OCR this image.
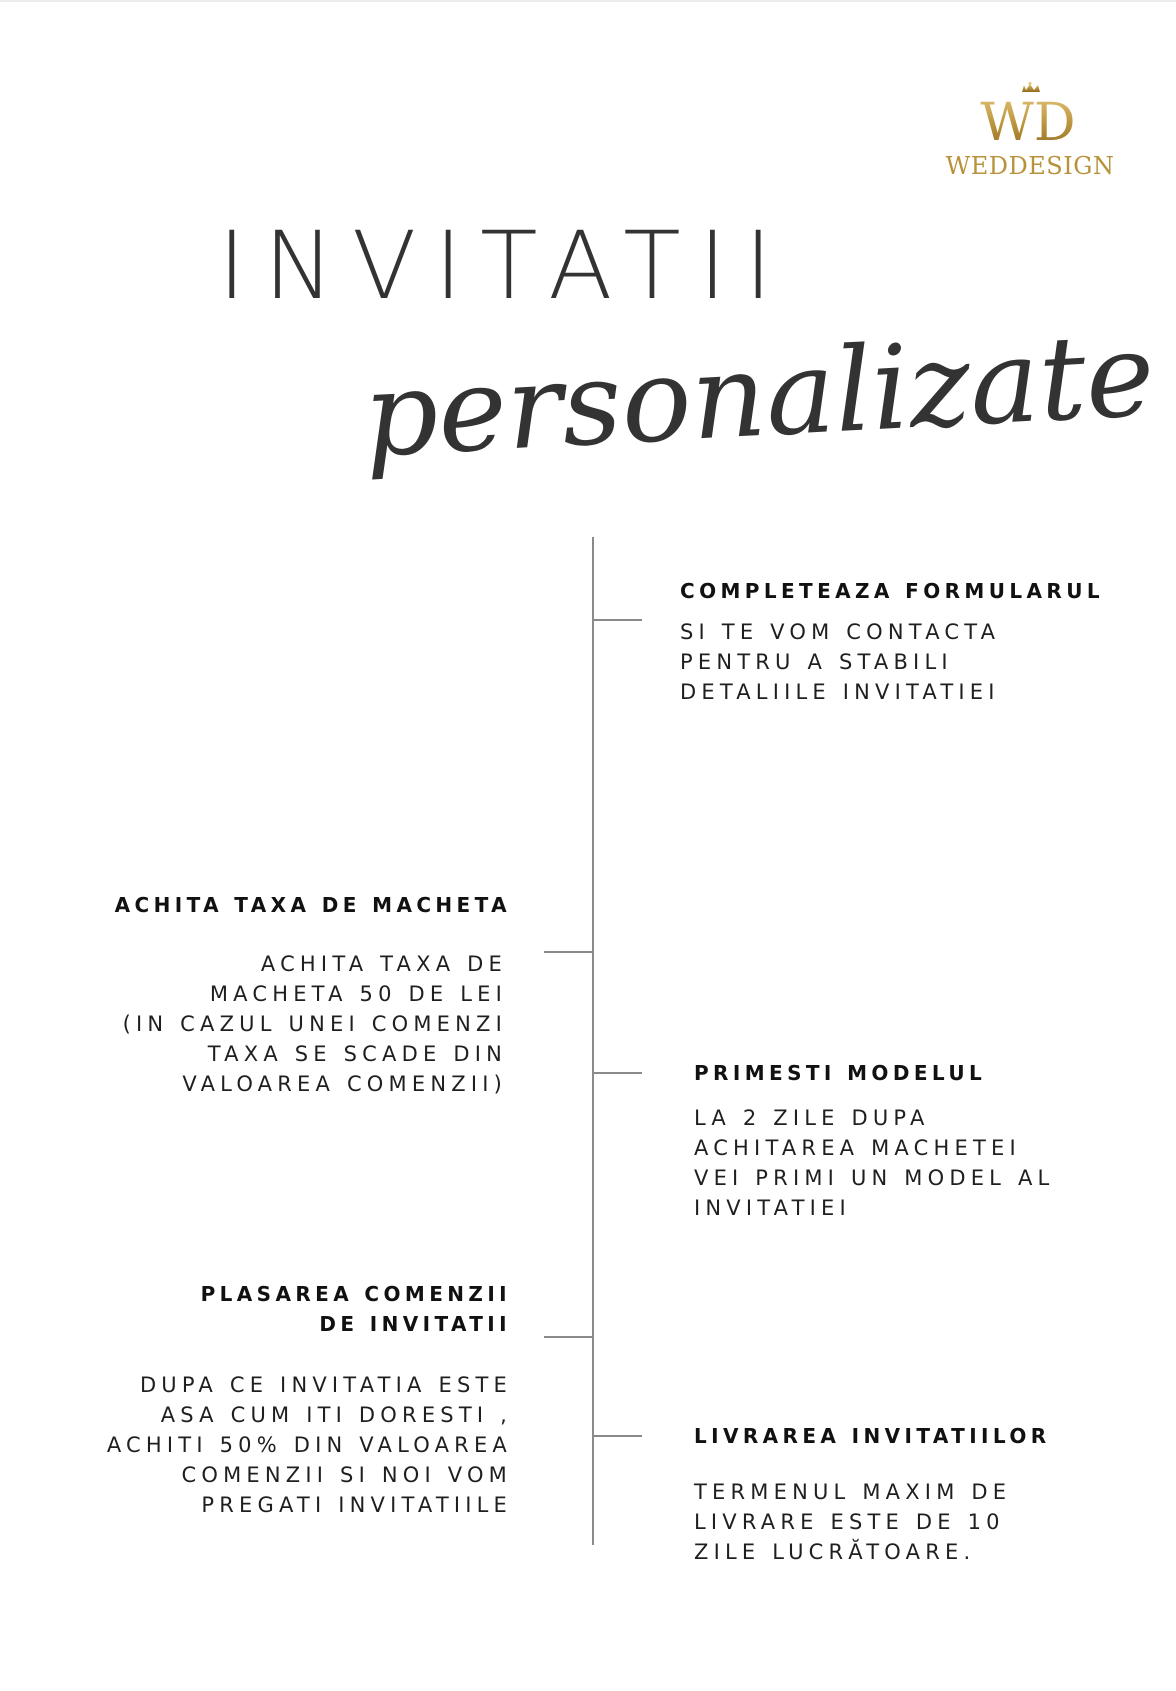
WD
WEDDESIGN
INVITATII
personalizate
COMPLETEAZA FORMULARUL
SI TE VOM CONTACTA
PENTRU A STABILI
DETALIILE INVITATIEI
ACHITA TAXA DE MACHETA
ACHITA TAXA DE
MACHETA 50 DE LEI
(IN CAZUL UNEI COMENZI
TAXA SE SCADE DIN
VALOAREA COMENZII)	PRIMESTI MODELUL
LA 2 ZILE DUPA
ACHITAREA MACHETEI
VEI PRIMI UN MODEL AL
INVITATIEI
PLASAREA COMENZII
DE INVITATII
DUPA CE INVITATIA ESTE
ASA CUM ITI DORESTI ,
ACHITI 50% DIN VALOAREA
COMENZII SI NOI VOM
PREGATI INVITATIILE
LIVRAREA INVITATIILOR
TERMENUL MAXIM DE
LIVRARE ESTE DE 10
ZILE LUCRĂTOARE.
